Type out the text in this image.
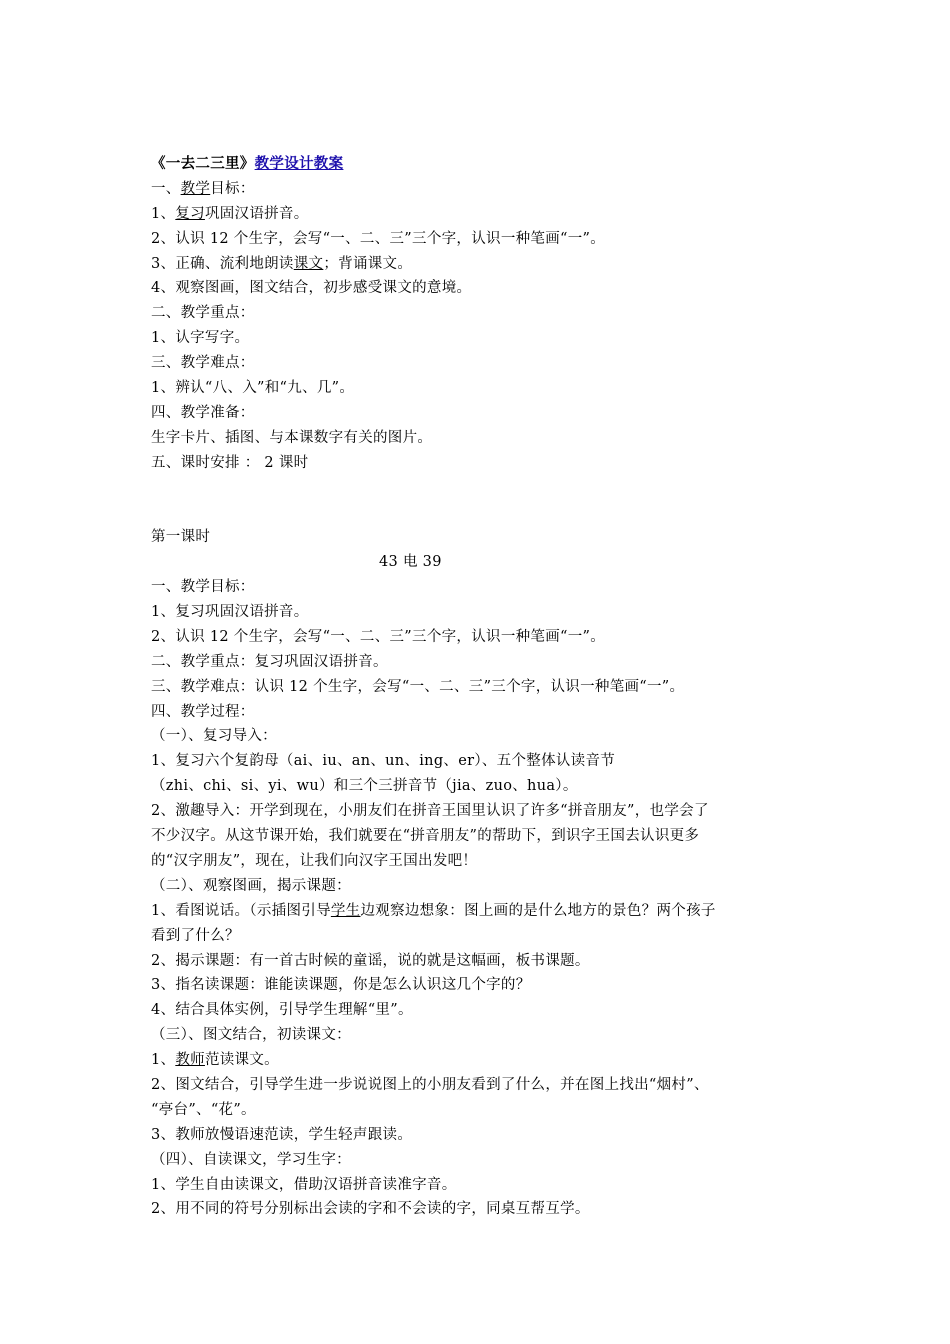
《一去二三里》教学设计教案
一、教学目标：
1、复习巩固汉语拼音。
2、认识 12 个生字，会写“一、二、三”三个字，认识一种笔画“一”。
3、正确、流利地朗读课文；背诵课文。
4、观察图画，图文结合，初步感受课文的意境。
二、教学重点：
1、认字写字。
三、教学难点：
1、辨认“八、入”和“九、几”。
四、教学准备：
生字卡片、插图、与本课数字有关的图片。
五、课时安排 ： 2 课时
第一课时
43 电 39
一、教学目标：
1、复习巩固汉语拼音。
2、认识 12 个生字，会写“一、二、三”三个字，认识一种笔画“一”。
二、教学重点：复习巩固汉语拼音。
三、教学难点：认识 12 个生字，会写“一、二、三”三个字，认识一种笔画“一”。
四、教学过程：
（一）、复习导入：
1、复习六个复韵母（ai、iu、an、un、ing、er）、五个整体认读音节
（zhi、chi、si、yi、wu）和三个三拼音节（jia、zuo、hua）。
2、激趣导入：开学到现在，小朋友们在拼音王国里认识了许多“拼音朋友”，也学会了
不少汉字。从这节课开始，我们就要在“拼音朋友”的帮助下，到识字王国去认识更多
的“汉字朋友”，现在，让我们向汉字王国出发吧！
（二）、观察图画，揭示课题：
1、看图说话。（示插图引导学生边观察边想象：图上画的是什么地方的景色？两个孩子
看到了什么？
2、揭示课题：有一首古时候的童谣，说的就是这幅画，板书课题。
3、指名读课题：谁能读课题，你是怎么认识这几个字的？
4、结合具体实例，引导学生理解“里”。
（三）、图文结合，初读课文：
1、教师范读课文。
2、图文结合，引导学生进一步说说图上的小朋友看到了什么，并在图上找出“烟村”、
“亭台”、“花”。
3、教师放慢语速范读，学生轻声跟读。
（四）、自读课文，学习生字：
1、学生自由读课文，借助汉语拼音读准字音。
2、用不同的符号分别标出会读的字和不会读的字，同桌互帮互学。
